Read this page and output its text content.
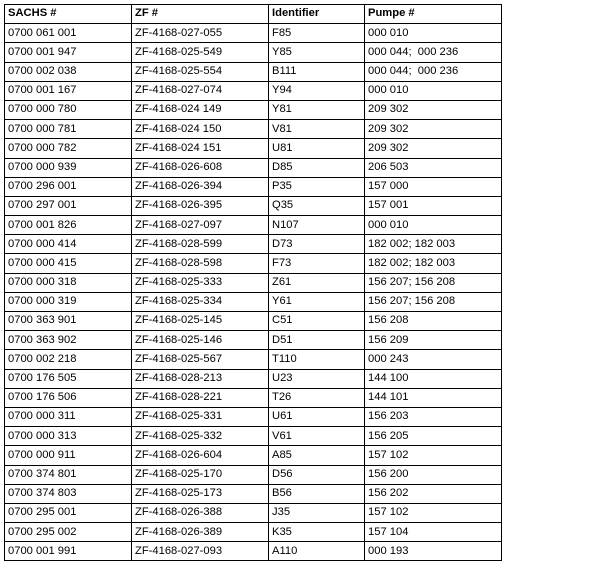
SACHS #	ZF #	Identifier	Pumpe #
0700 061 001	ZF-4168-027-055	F85	000 010
0700 001 947	ZF-4168-025-549	Y85	000 044;  000 236
0700 002 038	ZF-4168-025-554	B111	000 044;  000 236
0700 001 167	ZF-4168-027-074	Y94	000 010
0700 000 780	ZF-4168-024 149	Y81	209 302
0700 000 781	ZF-4168-024 150	V81	209 302
0700 000 782	ZF-4168-024 151	U81	209 302
0700 000 939	ZF-4168-026-608	D85	206 503
0700 296 001	ZF-4168-026-394	P35	157 000
0700 297 001	ZF-4168-026-395	Q35	157 001
0700 001 826	ZF-4168-027-097	N107	000 010
0700 000 414	ZF-4168-028-599	D73	182 002; 182 003
0700 000 415	ZF-4168-028-598	F73	182 002; 182 003
0700 000 318	ZF-4168-025-333	Z61	156 207; 156 208
0700 000 319	ZF-4168-025-334	Y61	156 207; 156 208
0700 363 901	ZF-4168-025-145	C51	156 208
0700 363 902	ZF-4168-025-146	D51	156 209
0700 002 218	ZF-4168-025-567	T110	000 243
0700 176 505	ZF-4168-028-213	U23	144 100
0700 176 506	ZF-4168-028-221	T26	144 101
0700 000 311	ZF-4168-025-331	U61	156 203
0700 000 313	ZF-4168-025-332	V61	156 205
0700 000 911	ZF-4168-026-604	A85	157 102
0700 374 801	ZF-4168-025-170	D56	156 200
0700 374 803	ZF-4168-025-173	B56	156 202
0700 295 001	ZF-4168-026-388	J35	157 102
0700 295 002	ZF-4168-026-389	K35	157 104
0700 001 991	ZF-4168-027-093	A110	000 193
